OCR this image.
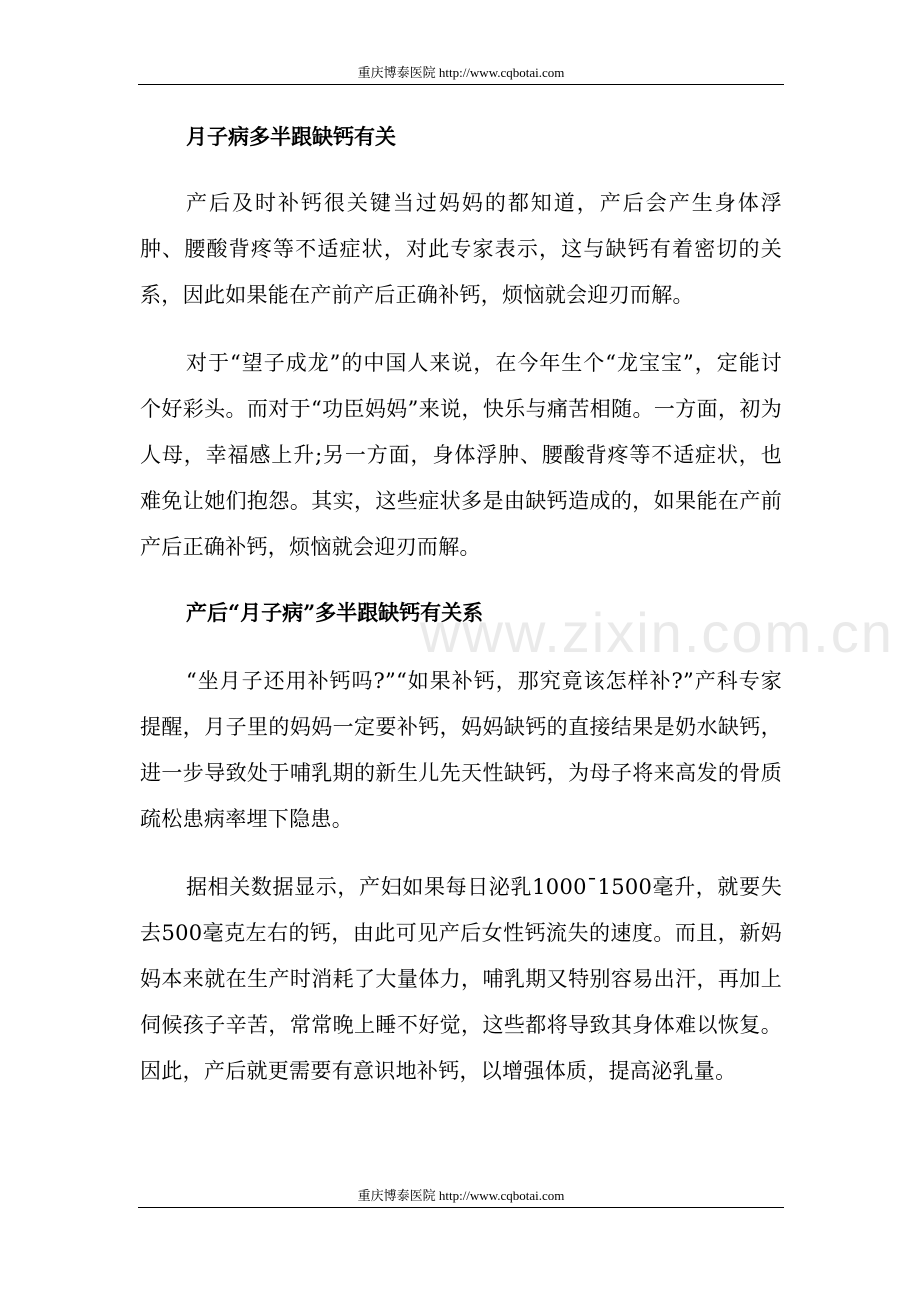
重庆博泰医院 http://www.cqbotai.com
www.zixin.com.cn

月子病多半跟缺钙有关

产后及时补钙很关键当过妈妈的都知道，产后会产生身体浮肿、腰酸背疼等不适症状，对此专家表示，这与缺钙有着密切的关系，因此如果能在产前产后正确补钙，烦恼就会迎刃而解。

对于“望子成龙”的中国人来说，在今年生个“龙宝宝”，定能讨个好彩头。而对于“功臣妈妈”来说，快乐与痛苦相随。一方面，初为人母，幸福感上升;另一方面，身体浮肿、腰酸背疼等不适症状，也难免让她们抱怨。其实，这些症状多是由缺钙造成的，如果能在产前产后正确补钙，烦恼就会迎刃而解。

产后“月子病”多半跟缺钙有关系

“坐月子还用补钙吗?”“如果补钙，那究竟该怎样补?”产科专家提醒，月子里的妈妈一定要补钙，妈妈缺钙的直接结果是奶水缺钙，进一步导致处于哺乳期的新生儿先天性缺钙，为母子将来高发的骨质疏松患病率埋下隐患。

据相关数据显示，产妇如果每日泌乳1000¯1500毫升，就要失去500毫克左右的钙，由此可见产后女性钙流失的速度。而且，新妈妈本来就在生产时消耗了大量体力，哺乳期又特别容易出汗，再加上伺候孩子辛苦，常常晚上睡不好觉，这些都将导致其身体难以恢复。因此，产后就更需要有意识地补钙，以增强体质，提高泌乳量。

重庆博泰医院 http://www.cqbotai.com
